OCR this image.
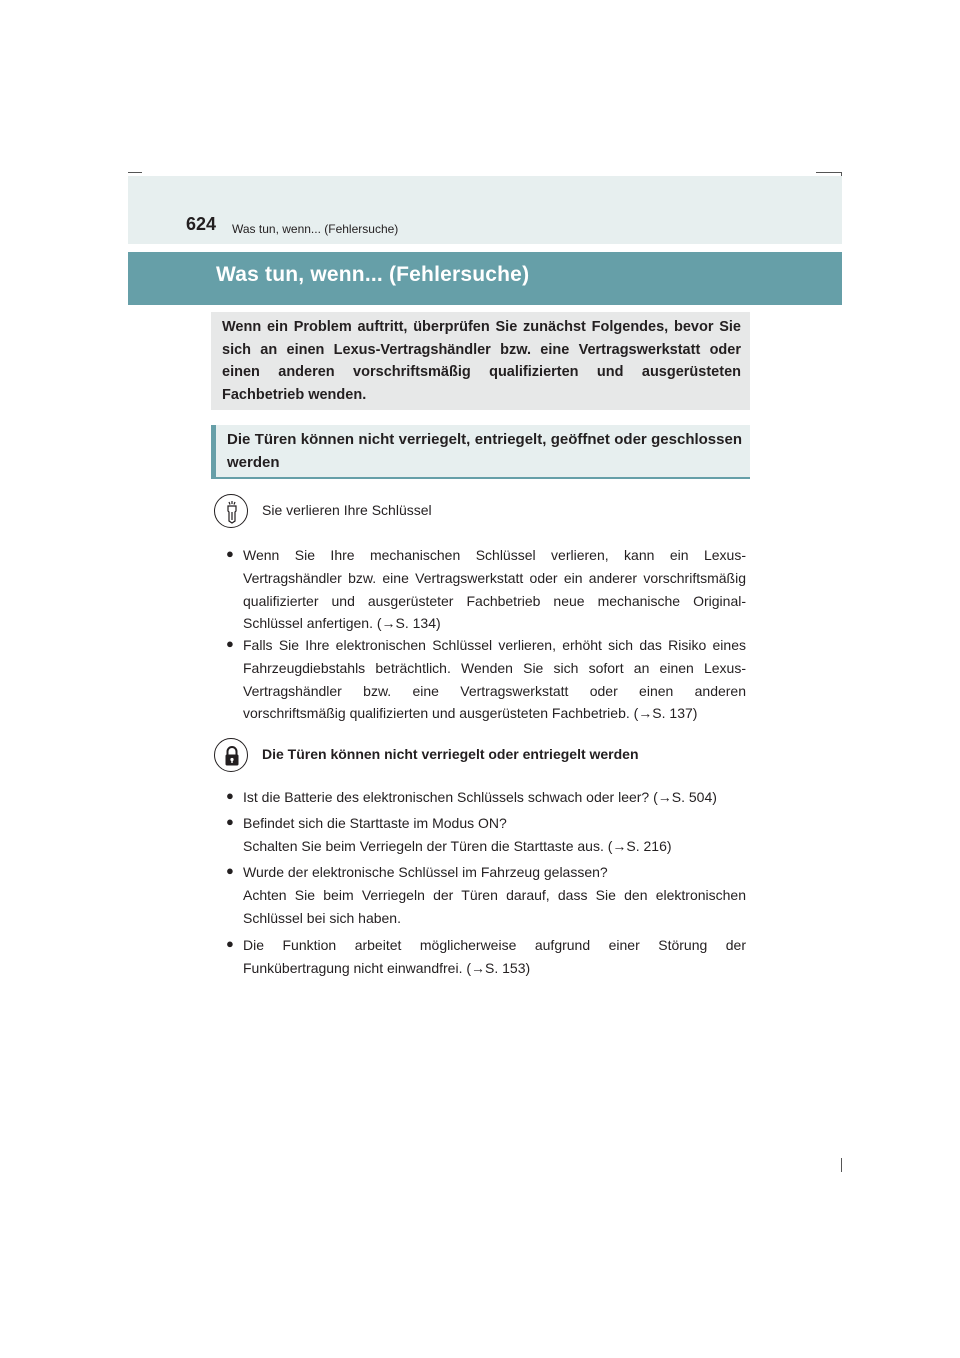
624 Was tun, wenn... (Fehlersuche)
Was tun, wenn... (Fehlersuche)
Wenn ein Problem auftritt, überprüfen Sie zunächst Folgendes, bevor Sie sich an einen Lexus-Vertragshändler bzw. eine Vertragswerkstatt oder einen anderen vorschriftsmäßig qualifizierten und ausgerüsteten Fachbetrieb wenden.
Die Türen können nicht verriegelt, entriegelt, geöffnet oder geschlossen werden
Sie verlieren Ihre Schlüssel
● Wenn Sie Ihre mechanischen Schlüssel verlieren, kann ein Lexus-Vertragshändler bzw. eine Vertragswerkstatt oder ein anderer vorschriftsmäßig qualifizierter und ausgerüsteter Fachbetrieb neue mechanische Original-Schlüssel anfertigen. (→S. 134)
● Falls Sie Ihre elektronischen Schlüssel verlieren, erhöht sich das Risiko eines Fahrzeugdiebstahls beträchtlich. Wenden Sie sich sofort an einen Lexus-Vertragshändler bzw. eine Vertragswerkstatt oder einen anderen vorschriftsmäßig qualifizierten und ausgerüsteten Fachbetrieb. (→S. 137)
Die Türen können nicht verriegelt oder entriegelt werden
● Ist die Batterie des elektronischen Schlüssels schwach oder leer? (→S. 504)
● Befindet sich die Starttaste im Modus ON?
Schalten Sie beim Verriegeln der Türen die Starttaste aus. (→S. 216)
● Wurde der elektronische Schlüssel im Fahrzeug gelassen?
Achten Sie beim Verriegeln der Türen darauf, dass Sie den elektronischen Schlüssel bei sich haben.
● Die Funktion arbeitet möglicherweise aufgrund einer Störung der Funkübertragung nicht einwandfrei. (→S. 153)
